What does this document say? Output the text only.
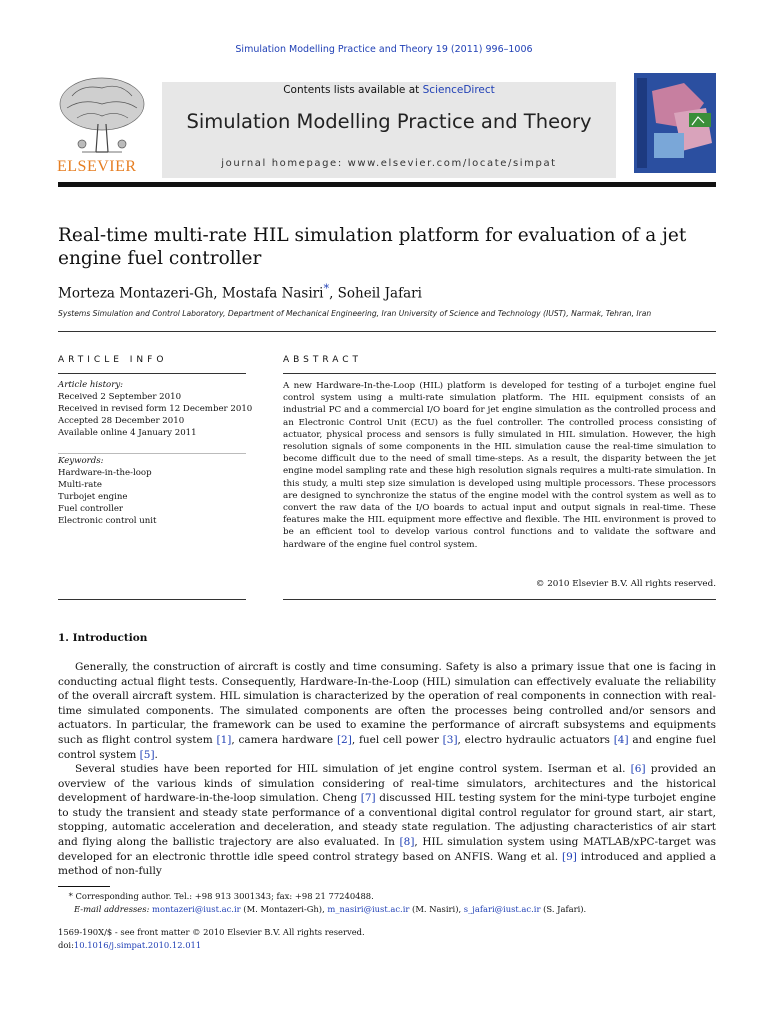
Simulation Modelling Practice and Theory 19 (2011) 996–1006
ELSEVIER
Contents lists available at ScienceDirect
Simulation Modelling Practice and Theory
journal homepage: www.elsevier.com/locate/simpat
Real-time multi-rate HIL simulation platform for evaluation of a jet engine fuel controller
Morteza Montazeri-Gh, Mostafa Nasiri*, Soheil Jafari
Systems Simulation and Control Laboratory, Department of Mechanical Engineering, Iran University of Science and Technology (IUST), Narmak, Tehran, Iran
ARTICLE INFO	ABSTRACT
Article history:
Received 2 September 2010
Received in revised form 12 December 2010
Accepted 28 December 2010
Available online 4 January 2011
Keywords:
Hardware-in-the-loop
Multi-rate
Turbojet engine
Fuel controller
Electronic control unit
A new Hardware-In-the-Loop (HIL) platform is developed for testing of a turbojet engine fuel control system using a multi-rate simulation platform. The HIL equipment consists of an industrial PC and a commercial I/O board for jet engine simulation as the controlled process and an Electronic Control Unit (ECU) as the fuel controller. The controlled process consisting of actuator, physical process and sensors is fully simulated in HIL simulation. However, the high resolution signals of some components in the HIL simulation cause the real-time simulation to become difficult due to the need of small time-steps. As a result, the disparity between the jet engine model sampling rate and these high resolution signals requires a multi-rate simulation. In this study, a multi step size simulation is developed using multiple processors. These processors are designed to synchronize the status of the engine model with the control system as well as to convert the raw data of the I/O boards to actual input and output signals in real-time. These features make the HIL equipment more effective and flexible. The HIL environment is proved to be an efficient tool to develop various control functions and to validate the software and hardware of the engine fuel control system.
© 2010 Elsevier B.V. All rights reserved.
1. Introduction
Generally, the construction of aircraft is costly and time consuming. Safety is also a primary issue that one is facing in conducting actual flight tests. Consequently, Hardware-In-the-Loop (HIL) simulation can effectively evaluate the reliability of the overall aircraft system. HIL simulation is characterized by the operation of real components in connection with real-time simulated components. The simulated components are often the processes being controlled and/or sensors and actuators. In particular, the framework can be used to examine the performance of aircraft subsystems and equipments such as flight control system [1], camera hardware [2], fuel cell power [3], electro hydraulic actuators [4] and engine fuel control system [5].
Several studies have been reported for HIL simulation of jet engine control system. Iserman et al. [6] provided an overview of the various kinds of simulation considering of real-time simulators, architectures and the historical development of hardware-in-the-loop simulation. Cheng [7] discussed HIL testing system for the mini-type turbojet engine to study the transient and steady state performance of a conventional digital control regulator for ground start, air start, stopping, automatic acceleration and deceleration, and steady state regulation. The adjusting characteristics of air start and flying along the ballistic trajectory are also evaluated. In [8], HIL simulation system using MATLAB/xPC-target was developed for an electronic throttle idle speed control strategy based on ANFIS. Wang et al. [9] introduced and applied a method of non-fully
* Corresponding author. Tel.: +98 913 3001343; fax: +98 21 77240488.
E-mail addresses: montazeri@iust.ac.ir (M. Montazeri-Gh), m_nasiri@iust.ac.ir (M. Nasiri), s_jafari@iust.ac.ir (S. Jafari).
1569-190X/$ - see front matter © 2010 Elsevier B.V. All rights reserved.
doi:10.1016/j.simpat.2010.12.011
